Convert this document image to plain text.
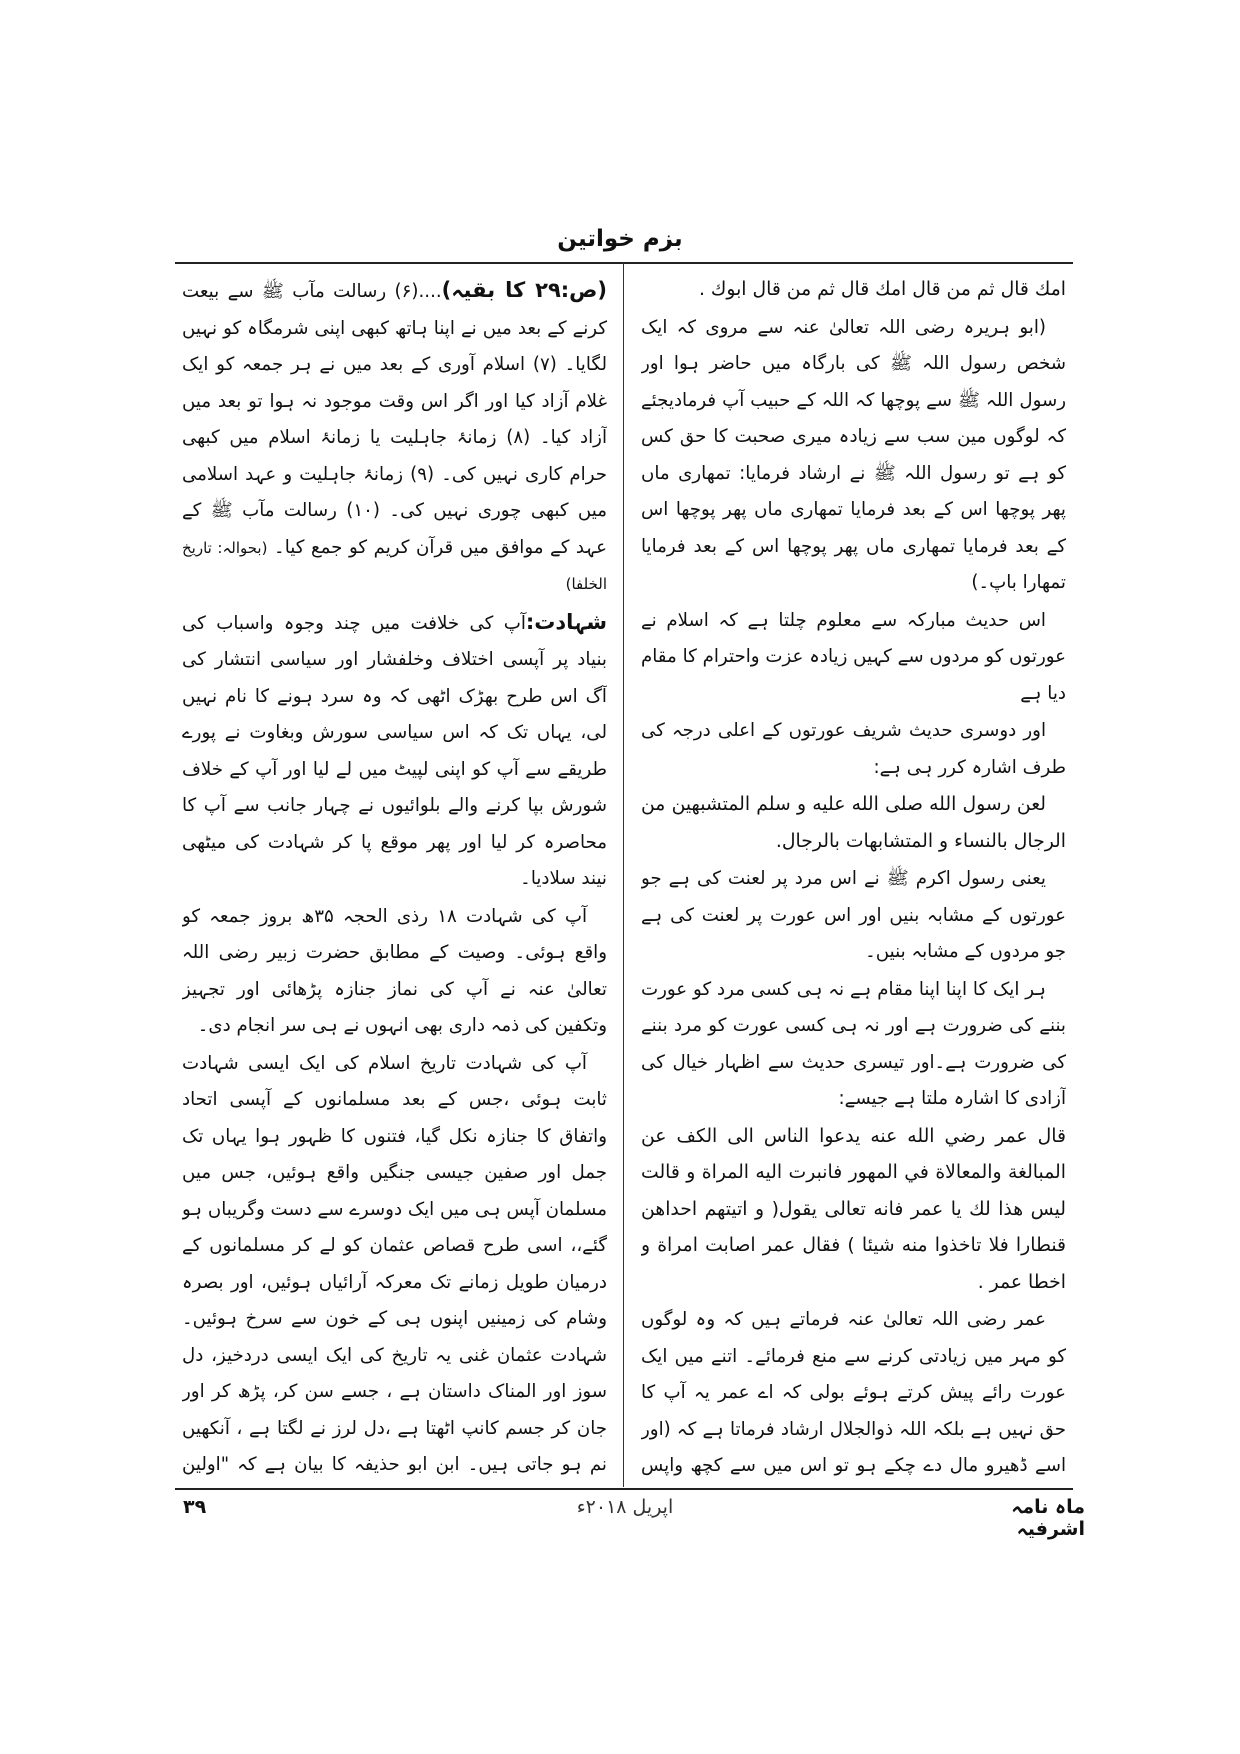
بزم خواتین

امك قال ثم من قال امك قال ثم من قال ابوك .

(ابو ہریرہ رضی اللہ تعالیٰ عنہ سے مروی کہ ایک شخص رسول اللہ ﷺ کی بارگاہ میں حاضر ہوا اور رسول اللہ ﷺ سے پوچھا کہ اللہ کے حبیب آپ فرمادیجئے کہ لوگوں مین سب سے زیادہ میری صحبت کا حق کس کو ہے تو رسول اللہ ﷺ نے ارشاد فرمایا: تمھاری ماں پھر پوچھا اس کے بعد فرمایا تمھاری ماں پھر پوچھا اس کے بعد فرمایا تمھاری ماں پھر پوچھا اس کے بعد فرمایا تمھارا باپ۔)

اس حدیث مبارکہ سے معلوم چلتا ہے کہ اسلام نے عورتوں کو مردوں سے کہیں زیادہ عزت واحترام کا مقام دیا ہے

اور دوسری حدیث شریف عورتوں کے اعلی درجہ کی طرف اشارہ کرر ہی ہے:

لعن رسول الله صلى الله عليه و سلم المتشبهين من الرجال بالنساء و المتشابهات بالرجال.

یعنی رسول اکرم ﷺ نے اس مرد پر لعنت کی ہے جو عورتوں کے مشابہ بنیں اور اس عورت پر لعنت کی ہے جو مردوں کے مشابہ بنیں۔

ہر ایک کا اپنا اپنا مقام ہے نہ ہی کسی مرد کو عورت بننے کی ضرورت ہے اور نہ ہی کسی عورت کو مرد بننے کی ضرورت ہے۔اور تیسری حدیث سے اظہار خیال کی آزادی کا اشارہ ملتا ہے جیسے:

قال عمر رضي الله عنه يدعوا الناس الى الكف عن المبالغة والمعالاة في المهور فانبرت اليه المراة و قالت ليس هذا لك يا عمر فانه تعالى يقول( و اتيتهم احداهن قنطارا فلا تاخذوا منه شيئا ) فقال عمر اصابت امراة و اخطا عمر .

عمر رضی اللہ تعالیٰ عنہ فرماتے ہیں کہ وہ لوگوں کو مہر میں زیادتی کرنے سے منع فرمائے۔ اتنے میں ایک عورت رائے پیش کرتے ہوئے بولی کہ اے عمر یہ آپ کا حق نہیں ہے بلکہ اللہ ذوالجلال ارشاد فرماتا ہے کہ (اور اسے ڈھیرو مال دے چکے ہو تو اس میں سے کچھ واپس

(ص:۲۹ کا بقیہ)....(۶) رسالت مآب ﷺ سے بیعت کرنے کے بعد میں نے اپنا ہاتھ کبھی اپنی شرمگاہ کو نہیں لگایا۔ (۷) اسلام آوری کے بعد میں نے ہر جمعہ کو ایک غلام آزاد کیا اور اگر اس وقت موجود نہ ہوا تو بعد میں آزاد کیا۔ (۸) زمانۂ جاہلیت یا زمانۂ اسلام میں کبھی حرام کاری نہیں کی۔ (۹) زمانۂ جاہلیت و عہد اسلامی میں کبھی چوری نہیں کی۔ (۱۰) رسالت مآب ﷺ کے عہد کے موافق میں قرآن کریم کو جمع کیا۔ (بحوالہ: تاریخ الخلفا)

شہادت:آپ کی خلافت میں چند وجوہ واسباب کی بنیاد پر آپسی اختلاف وخلفشار اور سیاسی انتشار کی آگ اس طرح بھڑک اٹھی کہ وہ سرد ہونے کا نام نہیں لی، یہاں تک کہ اس سیاسی سورش وبغاوت نے پورے طریقے سے آپ کو اپنی لپیٹ میں لے لیا اور آپ کے خلاف شورش بپا کرنے والے بلوائیوں نے چہار جانب سے آپ کا محاصرہ کر لیا اور پھر موقع پا کر شہادت کی میٹھی نیند سلادیا۔

آپ کی شہادت ۱۸ رذی الحجہ ۳۵ھ بروز جمعہ کو واقع ہوئی۔ وصیت کے مطابق حضرت زبیر رضی اللہ تعالیٰ عنہ نے آپ کی نماز جنازہ پڑھائی اور تجہیز وتکفین کی ذمہ داری بھی انہوں نے ہی سر انجام دی۔

آپ کی شہادت تاریخ اسلام کی ایک ایسی شہادت ثابت ہوئی ،جس کے بعد مسلمانوں کے آپسی اتحاد واتفاق کا جنازہ نکل گیا، فتنوں کا ظہور ہوا یہاں تک جمل اور صفین جیسی جنگیں واقع ہوئیں، جس میں مسلمان آپس ہی میں ایک دوسرے سے دست وگریباں ہو گئے،، اسی طرح قصاص عثمان کو لے کر مسلمانوں کے درمیان طویل زمانے تک معرکہ آرائیاں ہوئیں، اور بصرہ وشام کی زمینیں اپنوں ہی کے خون سے سرخ ہوئیں۔ شہادت عثمان غنی یہ تاریخ کی ایک ایسی دردخیز، دل سوز اور المناک داستان ہے ، جسے سن کر، پڑھ کر اور جان کر جسم کانپ اٹھتا ہے ،دل لرز نے لگتا ہے ، آنکھیں نم ہو جاتی ہیں۔ ابن ابو حذیفہ کا بیان ہے کہ "اولین

ماہ نامہ اشرفیہ
اپریل ۲۰۱۸ء
۳۹
